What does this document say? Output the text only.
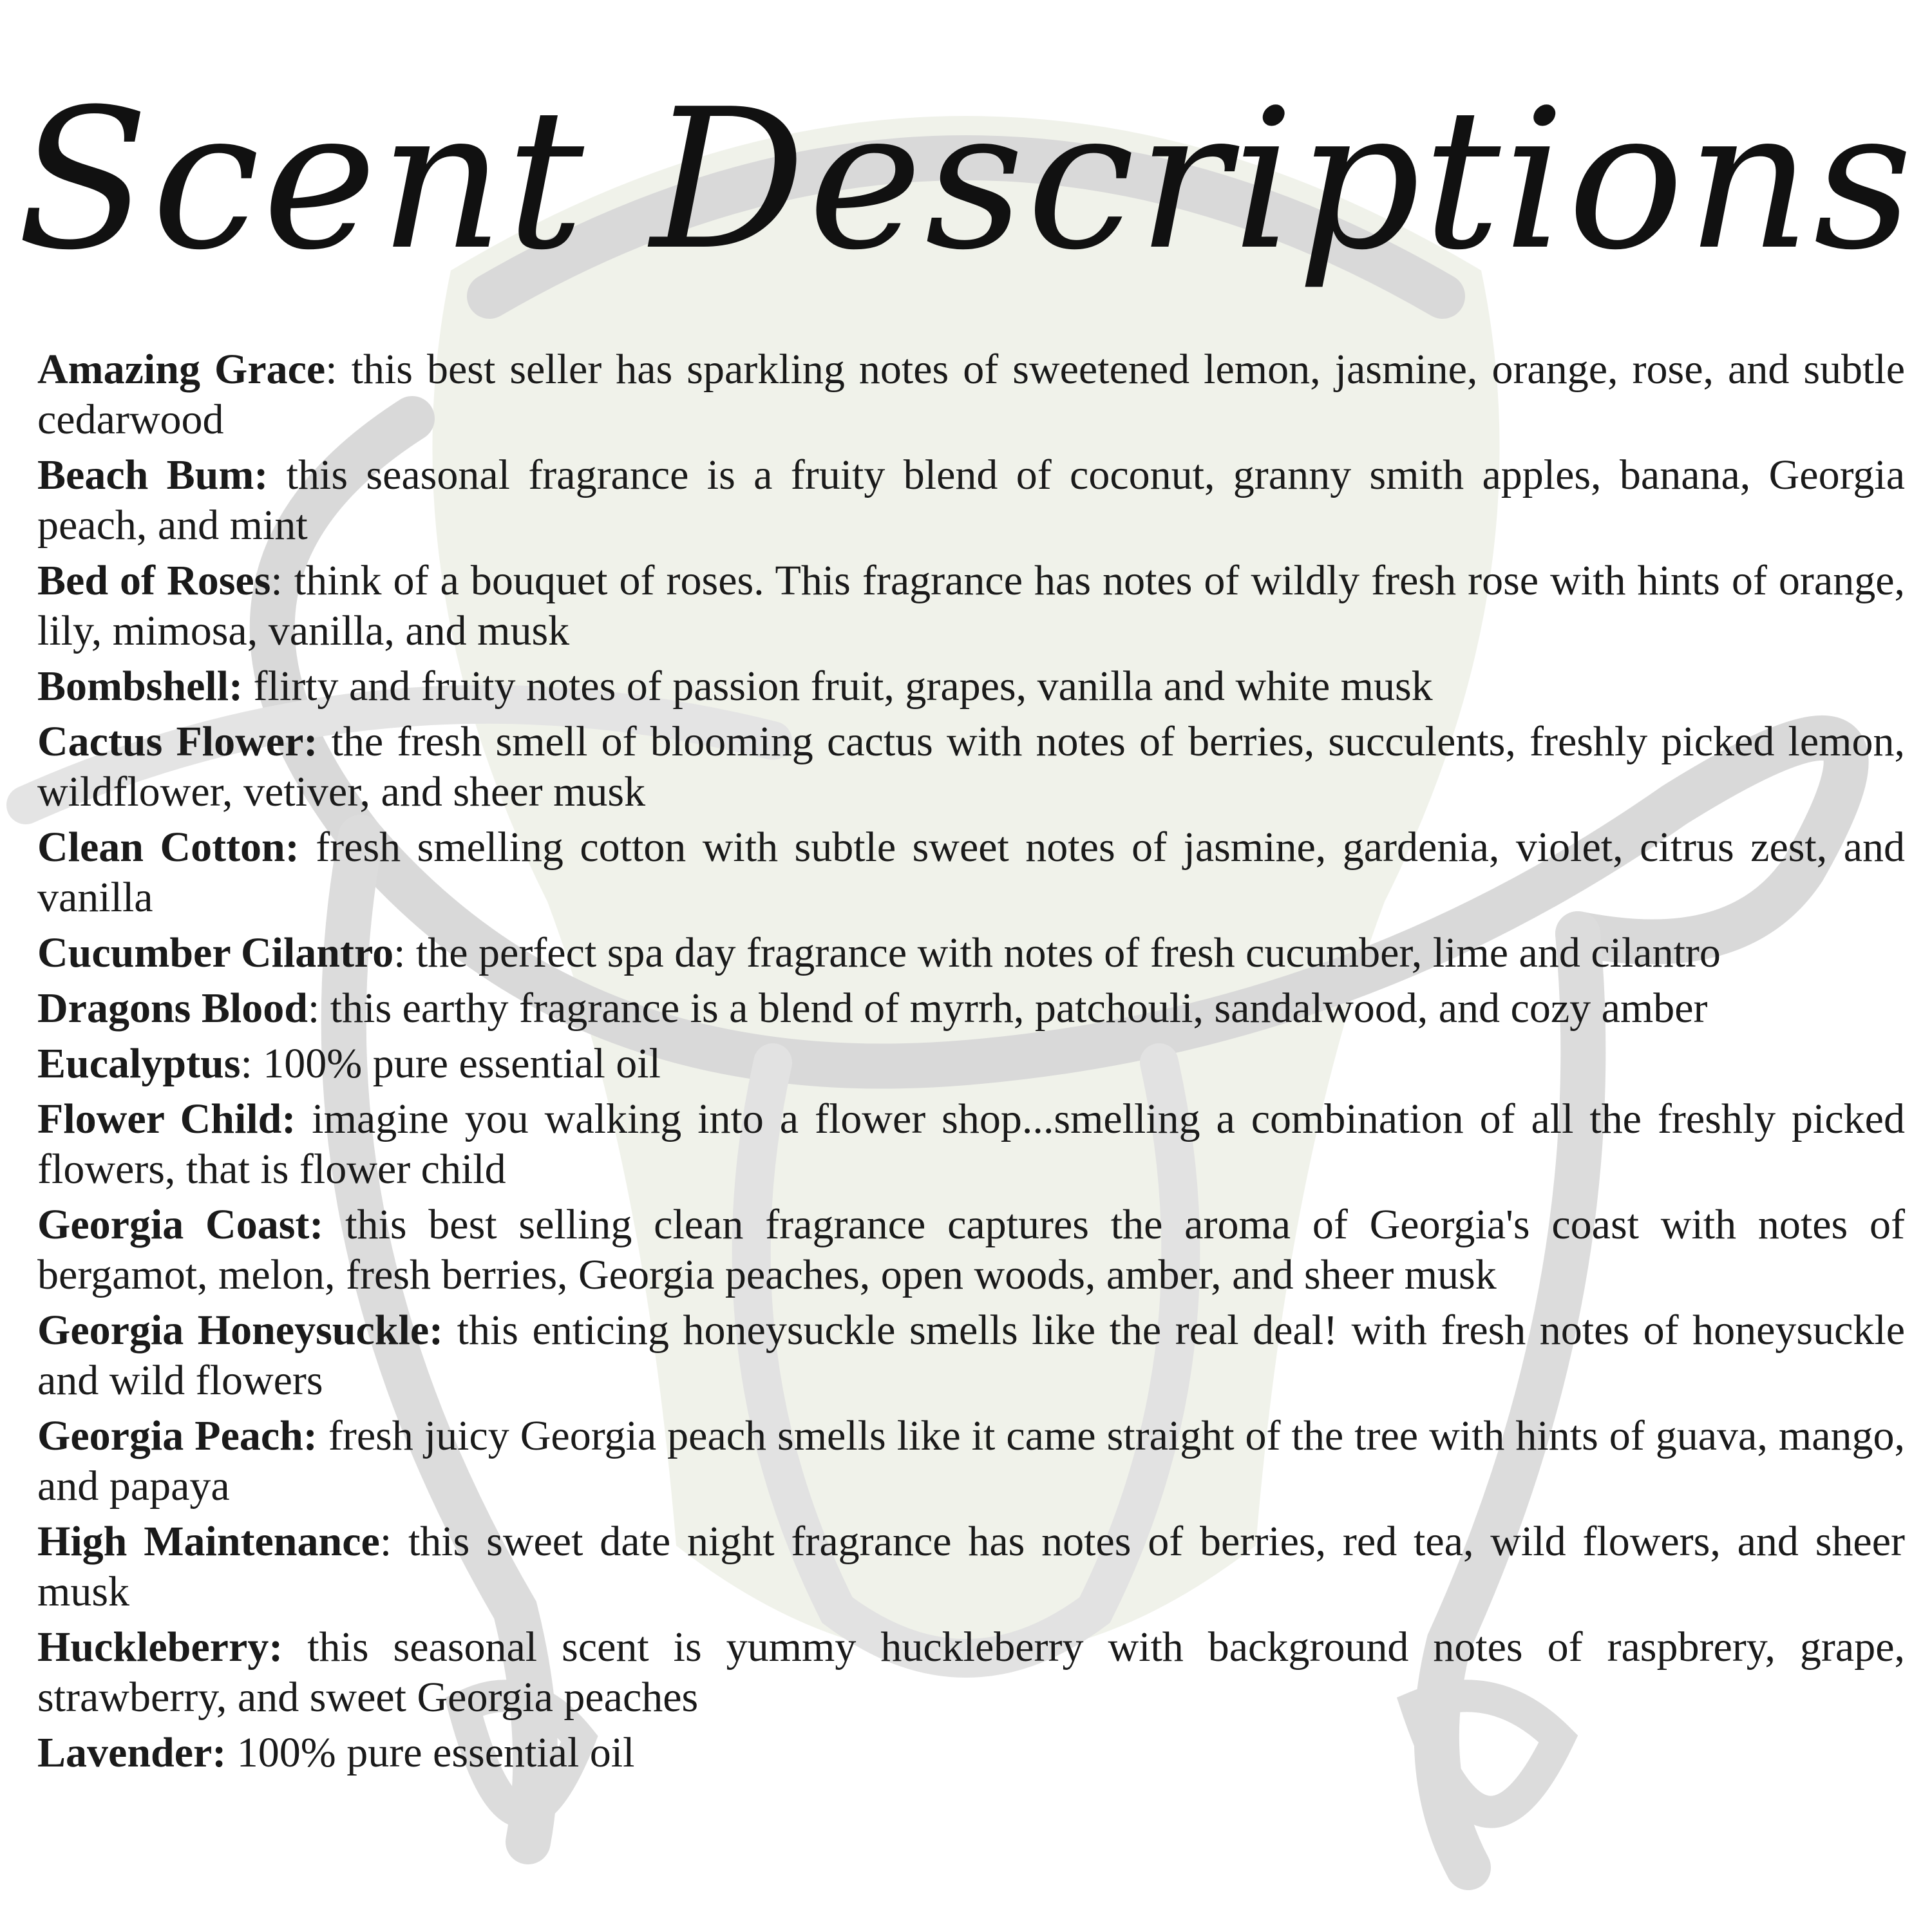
Scent Descriptions
Amazing Grace: this best seller has sparkling notes of sweetened lemon, jasmine, orange, rose, and subtle cedarwood
Beach Bum: this seasonal fragrance is a fruity blend of coconut, granny smith apples, banana, Georgia peach, and mint
Bed of Roses: think of a bouquet of roses. This fragrance has notes of wildly fresh rose with hints of orange, lily, mimosa, vanilla, and musk
Bombshell: flirty and fruity notes of passion fruit, grapes, vanilla and white musk
Cactus Flower: the fresh smell of blooming cactus with notes of berries, succulents, freshly picked lemon, wildflower, vetiver, and sheer musk
Clean Cotton: fresh smelling cotton with subtle sweet notes of jasmine, gardenia, violet, citrus zest, and vanilla
Cucumber Cilantro: the perfect spa day fragrance with notes of fresh cucumber, lime and cilantro
Dragons Blood: this earthy fragrance is a blend of myrrh, patchouli, sandalwood, and cozy amber
Eucalyptus: 100% pure essential oil
Flower Child: imagine you walking into a flower shop...smelling a combination of all the freshly picked flowers, that is flower child
Georgia Coast: this best selling clean fragrance captures the aroma of Georgia's coast with notes of bergamot, melon, fresh berries, Georgia peaches, open woods, amber, and sheer musk
Georgia Honeysuckle: this enticing honeysuckle smells like the real deal! with fresh notes of honeysuckle and wild flowers
Georgia Peach: fresh juicy Georgia peach smells like it came straight of the tree with hints of guava, mango, and papaya
High Maintenance: this sweet date night fragrance has notes of berries, red tea, wild flowers, and sheer musk
Huckleberry: this seasonal scent is yummy huckleberry with background notes of raspbrery, grape, strawberry, and sweet Georgia peaches
Lavender: 100% pure essential oil
